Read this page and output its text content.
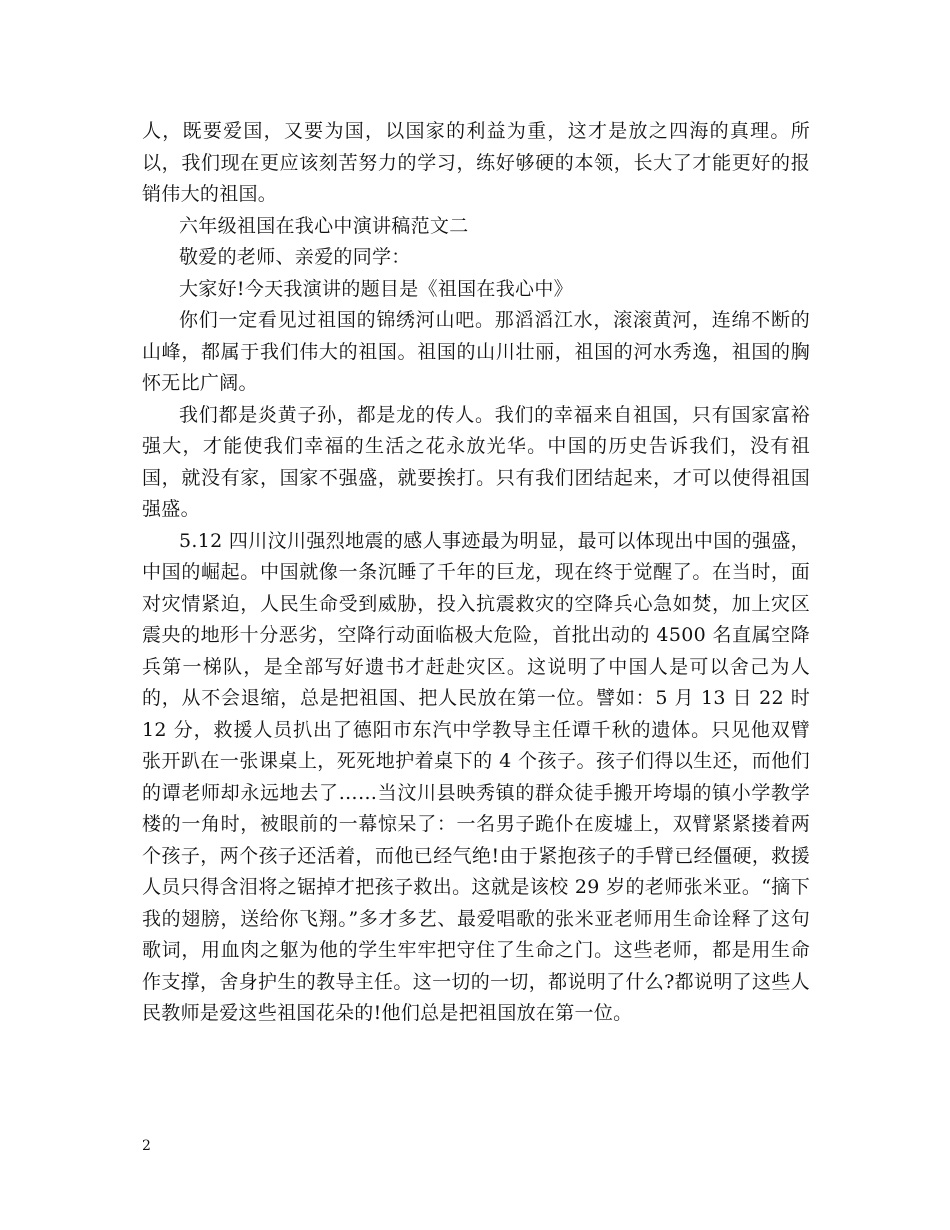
人，既要爱国，又要为国，以国家的利益为重，这才是放之四海的真理。所以，我们现在更应该刻苦努力的学习，练好够硬的本领，长大了才能更好的报销伟大的祖国。

六年级祖国在我心中演讲稿范文二

敬爱的老师、亲爱的同学：

大家好!今天我演讲的题目是《祖国在我心中》

你们一定看见过祖国的锦绣河山吧。那滔滔江水，滚滚黄河，连绵不断的山峰，都属于我们伟大的祖国。祖国的山川壮丽，祖国的河水秀逸，祖国的胸怀无比广阔。

我们都是炎黄子孙，都是龙的传人。我们的幸福来自祖国，只有国家富裕强大，才能使我们幸福的生活之花永放光华。中国的历史告诉我们，没有祖国，就没有家，国家不强盛，就要挨打。只有我们团结起来，才可以使得祖国强盛。

5.12 四川汶川强烈地震的感人事迹最为明显，最可以体现出中国的强盛，中国的崛起。中国就像一条沉睡了千年的巨龙，现在终于觉醒了。在当时，面对灾情紧迫，人民生命受到威胁，投入抗震救灾的空降兵心急如焚，加上灾区震央的地形十分恶劣，空降行动面临极大危险，首批出动的 4500 名直属空降兵第一梯队，是全部写好遗书才赶赴灾区。这说明了中国人是可以舍己为人的，从不会退缩，总是把祖国、把人民放在第一位。譬如：5 月 13 日 22 时 12 分，救援人员扒出了德阳市东汽中学教导主任谭千秋的遗体。只见他双臂张开趴在一张课桌上，死死地护着桌下的 4 个孩子。孩子们得以生还，而他们的谭老师却永远地去了……当汶川县映秀镇的群众徒手搬开垮塌的镇小学教学楼的一角时，被眼前的一幕惊呆了：一名男子跪仆在废墟上，双臂紧紧搂着两个孩子，两个孩子还活着，而他已经气绝!由于紧抱孩子的手臂已经僵硬，救援人员只得含泪将之锯掉才把孩子救出。这就是该校 29 岁的老师张米亚。“摘下我的翅膀，送给你飞翔。”多才多艺、最爱唱歌的张米亚老师用生命诠释了这句歌词，用血肉之躯为他的学生牢牢把守住了生命之门。这些老师，都是用生命作支撑，舍身护生的教导主任。这一切的一切，都说明了什么?都说明了这些人民教师是爱这些祖国花朵的!他们总是把祖国放在第一位。

2
